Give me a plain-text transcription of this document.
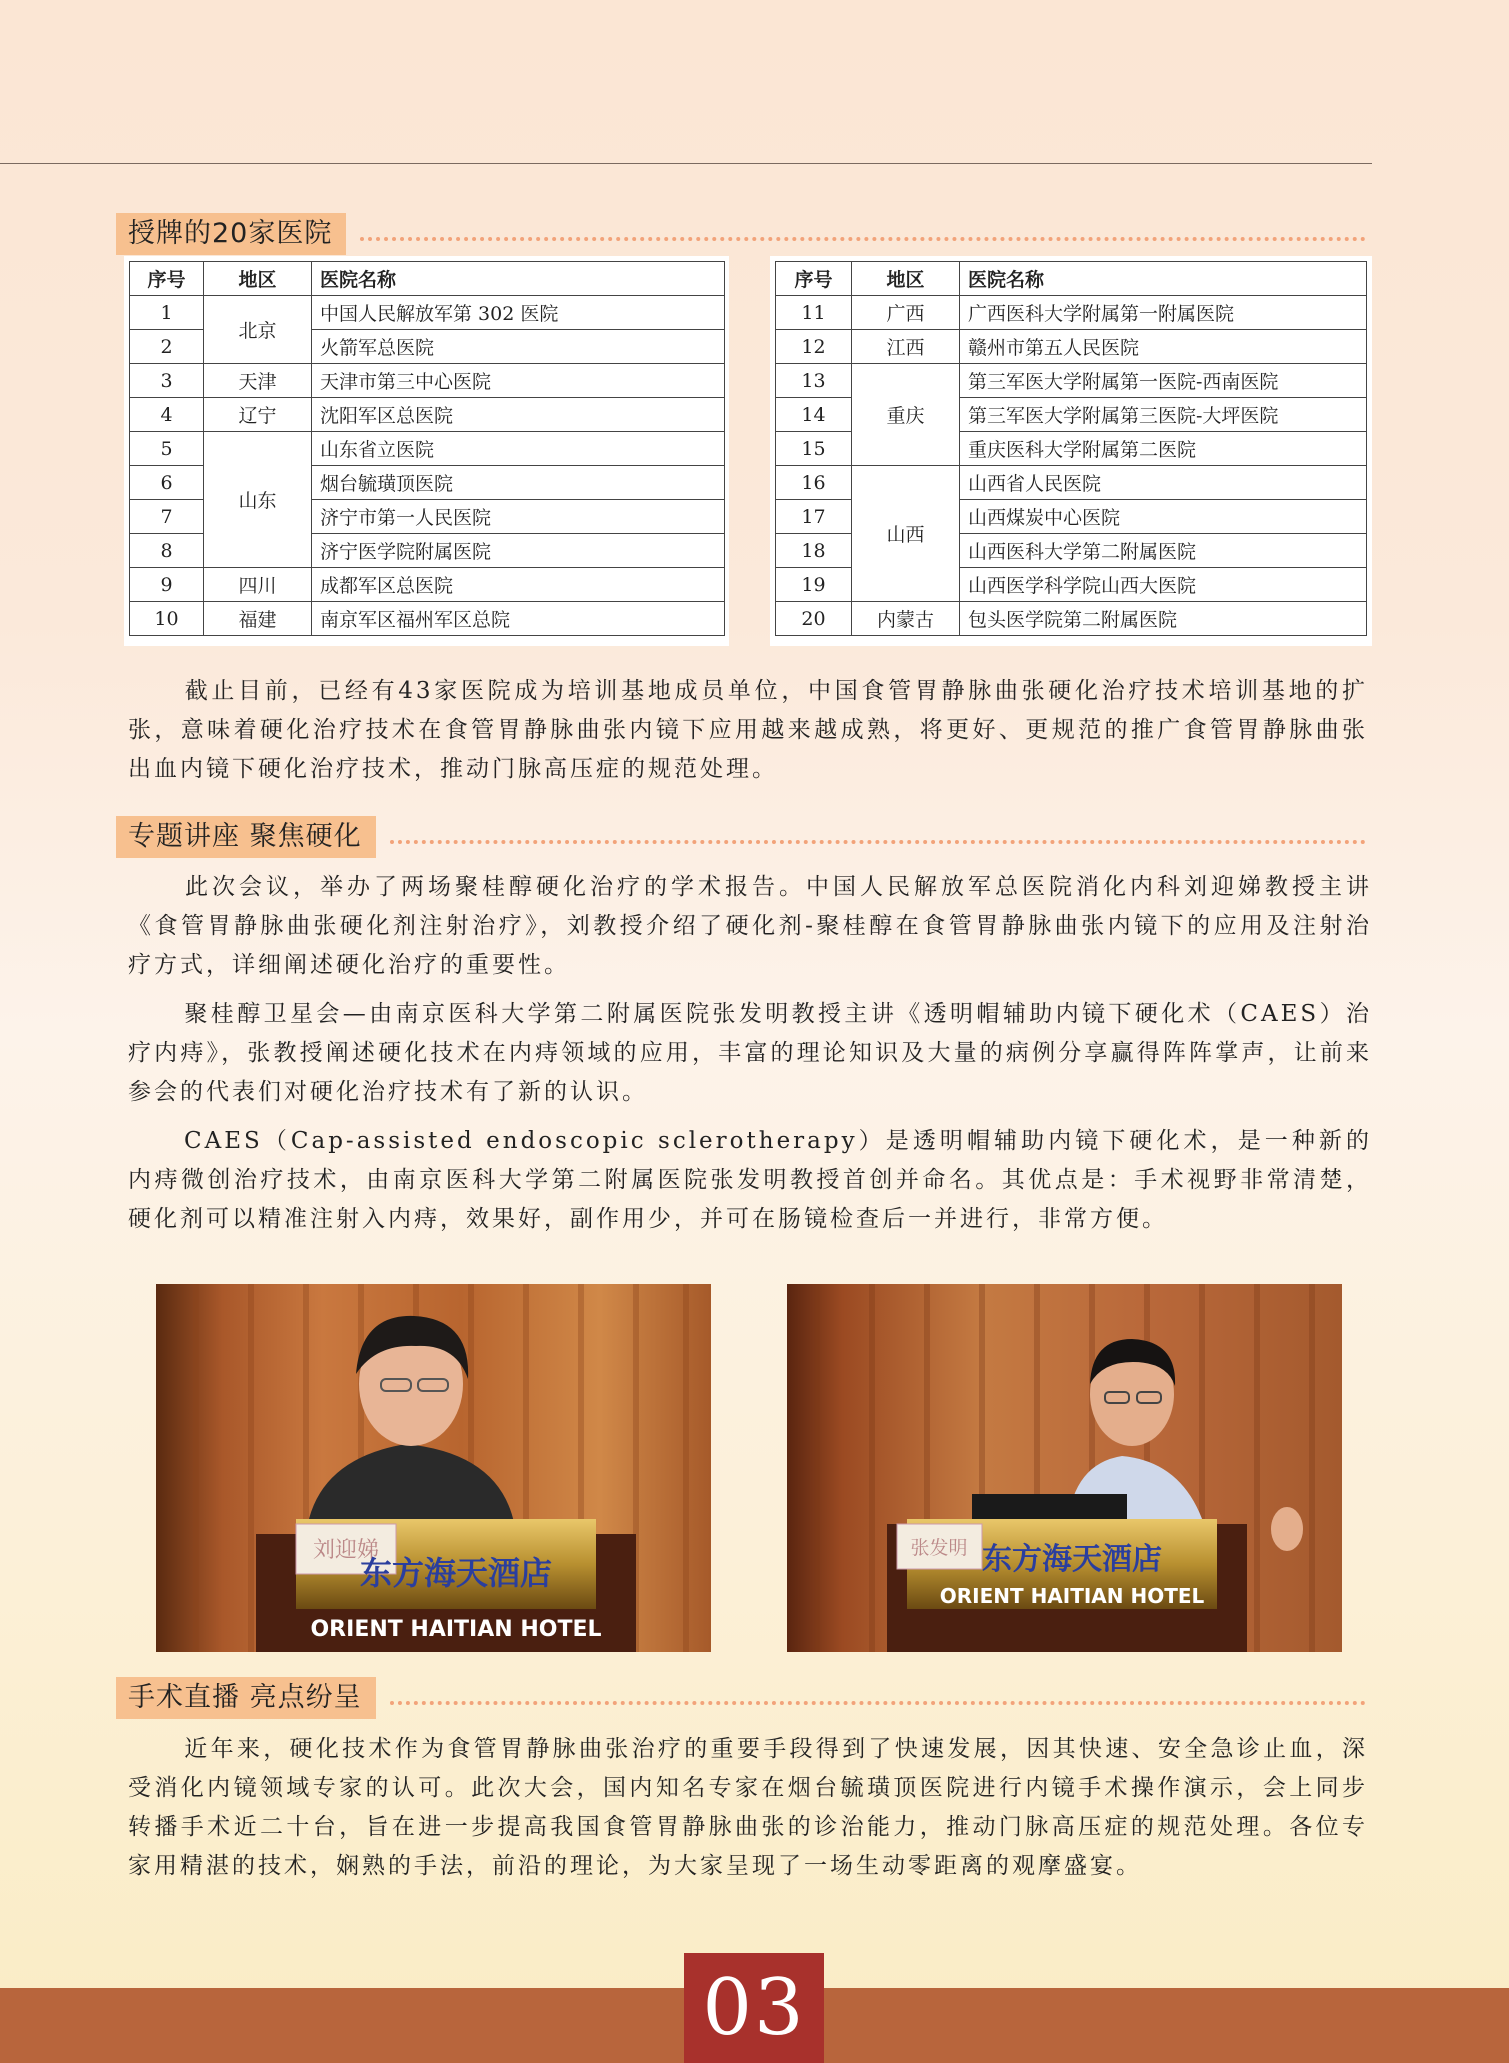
授牌的20家医院
序号	地区	医院名称
1	北京	中国人民解放军第 302 医院
2		火箭军总医院
3	天津	天津市第三中心医院
4	辽宁	沈阳军区总医院
5	山东	山东省立医院
6		烟台毓璜顶医院
7		济宁市第一人民医院
8		济宁医学院附属医院
9	四川	成都军区总医院
10	福建	南京军区福州军区总院
序号	地区	医院名称
11	广西	广西医科大学附属第一附属医院
12	江西	赣州市第五人民医院
13	重庆	第三军医大学附属第一医院-西南医院
14		第三军医大学附属第三医院-大坪医院
15		重庆医科大学附属第二医院
16	山西	山西省人民医院
17		山西煤炭中心医院
18		山西医科大学第二附属医院
19		山西医学科学院山西大医院
20	内蒙古	包头医学院第二附属医院

截止目前，已经有43家医院成为培训基地成员单位，中国食管胃静脉曲张硬化治疗技术培训基地的扩张，意味着硬化治疗技术在食管胃静脉曲张内镜下应用越来越成熟，将更好、更规范的推广食管胃静脉曲张出血内镜下硬化治疗技术，推动门脉高压症的规范处理。

专题讲座 聚焦硬化

此次会议，举办了两场聚桂醇硬化治疗的学术报告。中国人民解放军总医院消化内科刘迎娣教授主讲《食管胃静脉曲张硬化剂注射治疗》，刘教授介绍了硬化剂-聚桂醇在食管胃静脉曲张内镜下的应用及注射治疗方式，详细阐述硬化治疗的重要性。

聚桂醇卫星会—由南京医科大学第二附属医院张发明教授主讲《透明帽辅助内镜下硬化术（CAES）治疗内痔》，张教授阐述硬化技术在内痔领域的应用，丰富的理论知识及大量的病例分享赢得阵阵掌声，让前来参会的代表们对硬化治疗技术有了新的认识。

CAES（Cap-assisted endoscopic sclerotherapy）是透明帽辅助内镜下硬化术，是一种新的内痔微创治疗技术，由南京医科大学第二附属医院张发明教授首创并命名。其优点是：手术视野非常清楚，硬化剂可以精准注射入内痔，效果好，副作用少，并可在肠镜检查后一并进行，非常方便。

刘迎娣
东方海天酒店
ORIENT HAITIAN HOTEL
张发明 东方海天酒店
ORIENT HAITIAN HOTEL
手术直播 亮点纷呈

近年来，硬化技术作为食管胃静脉曲张治疗的重要手段得到了快速发展，因其快速、安全急诊止血，深受消化内镜领域专家的认可。此次大会，国内知名专家在烟台毓璜顶医院进行内镜手术操作演示，会上同步转播手术近二十台，旨在进一步提高我国食管胃静脉曲张的诊治能力，推动门脉高压症的规范处理。各位专家用精湛的技术，娴熟的手法，前沿的理论，为大家呈现了一场生动零距离的观摩盛宴。

03
